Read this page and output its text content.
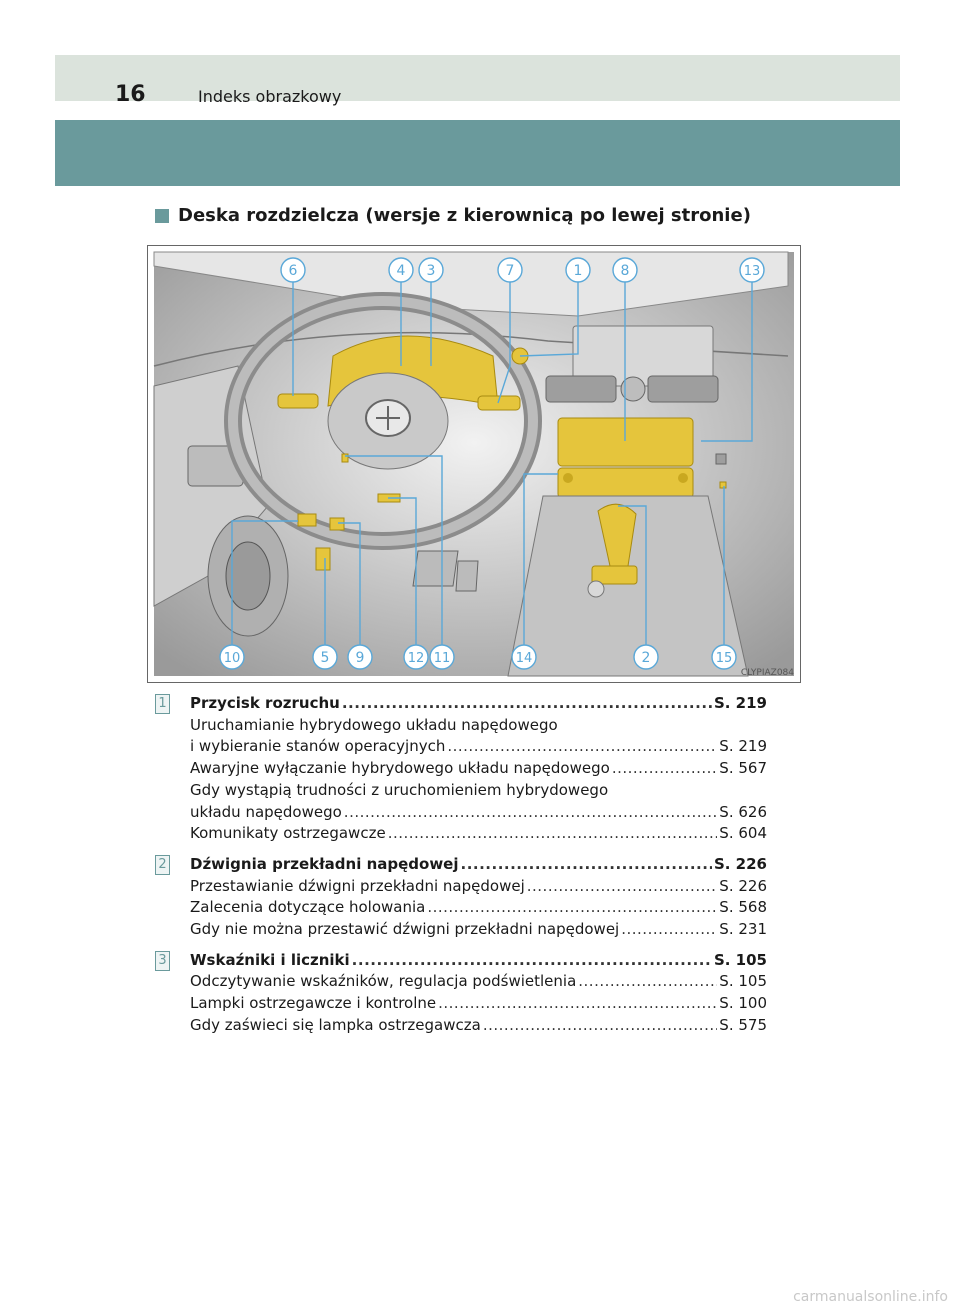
16	Indeks obrazkowy
Deska rozdzielcza (wersje z kierownicą po lewej stronie)
6	4 3	7	1	8	13
10	5 9	12 11	14	2	15
CLYPIAZ084
1 Przycisk rozruchu .....	S. 219
Uruchamianie hybrydowego układu napędowego
i wybieranie stanów operacyjnych .....	S. 219
Awaryjne wyłączanie hybrydowego układu napędowego .....	S. 567
Gdy wystąpią trudności z uruchomieniem hybrydowego
układu napędowego .....	S. 626
Komunikaty ostrzegawcze .....	S. 604
2 Dźwignia przekładni napędowej .....	S. 226
Przestawianie dźwigni przekładni napędowej .....	S. 226
Zalecenia dotyczące holowania .....	S. 568
Gdy nie można przestawić dźwigni przekładni napędowej .....	S. 231
3 Wskaźniki i liczniki .....	S. 105
Odczytywanie wskaźników, regulacja podświetlenia .....	S. 105
Lampki ostrzegawcze i kontrolne .....	S. 100
Gdy zaświeci się lampka ostrzegawcza .....	S. 575
carmanualsonline.info
